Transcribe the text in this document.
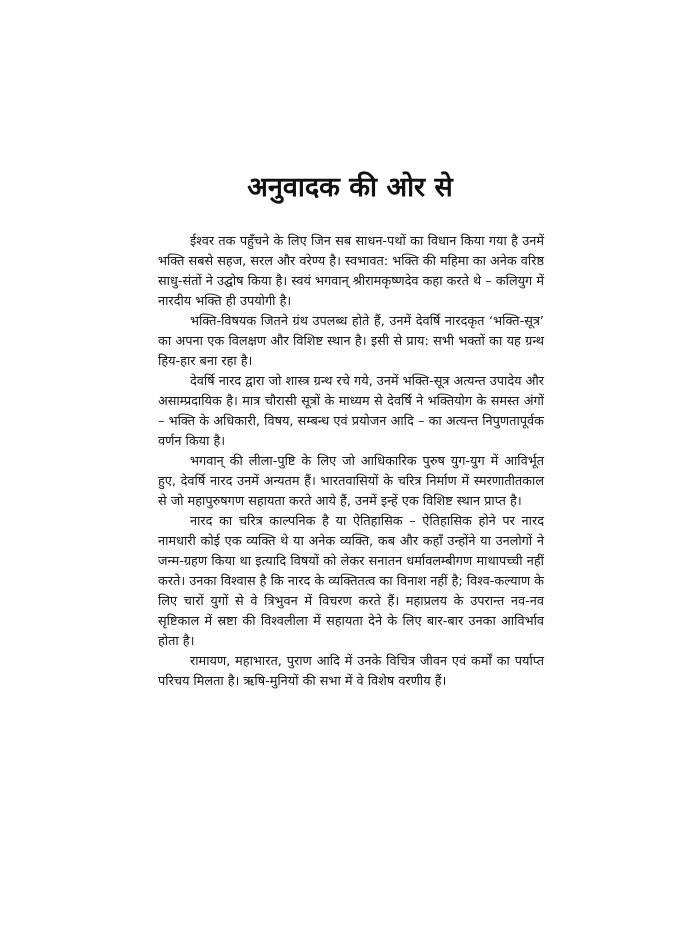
अनुवादक की ओर से

ईश्वर तक पहुँचने के लिए जिन सब साधन-पथों का विधान किया गया है उनमें भक्ति सबसे सहज, सरल और वरेण्य है। स्वभावत: भक्ति की महिमा का अनेक वरिष्ठ साधु-संतों ने उद्घोष किया है। स्वयं भगवान् श्रीरामकृष्णदेव कहा करते थे – कलियुग में नारदीय भक्ति ही उपयोगी है।

भक्ति-विषयक जितने ग्रंथ उपलब्ध होते हैं, उनमें देवर्षि नारदकृत ‘भक्ति-सूत्र’ का अपना एक विलक्षण और विशिष्ट स्थान है। इसी से प्राय: सभी भक्तों का यह ग्रन्थ हिय-हार बना रहा है।

देवर्षि नारद द्वारा जो शास्त्र ग्रन्थ रचे गये, उनमें भक्ति-सूत्र अत्यन्त उपादेय और असाम्प्रदायिक है। मात्र चौरासी सूत्रों के माध्यम से देवर्षि ने भक्तियोग के समस्त अंगों – भक्ति के अधिकारी, विषय, सम्बन्ध एवं प्रयोजन आदि – का अत्यन्त निपुणतापूर्वक वर्णन किया है।

भगवान् की लीला-पुष्टि के लिए जो आधिकारिक पुरुष युग-युग में आविर्भूत हुए, देवर्षि नारद उनमें अन्यतम हैं। भारतवासियों के चरित्र निर्माण में स्मरणातीतकाल से जो महापुरुषगण सहायता करते आये हैं, उनमें इन्हें एक विशिष्ट स्थान प्राप्त है।

नारद का चरित्र काल्पनिक है या ऐतिहासिक – ऐतिहासिक होने पर नारद नामधारी कोई एक व्यक्ति थे या अनेक व्यक्ति, कब और कहाँ उन्होंने या उनलोगों ने जन्म-ग्रहण किया था इत्यादि विषयों को लेकर सनातन धर्मावलम्बीगण माथापच्ची नहीं करते। उनका विश्वास है कि नारद के व्यक्तितत्व का विनाश नहीं है; विश्व-कल्याण के लिए चारों युगों से वे त्रिभुवन में विचरण करते हैं। महाप्रलय के उपरान्त नव-नव सृष्टिकाल में स्रष्टा की विश्वलीला में सहायता देने के लिए बार-बार उनका आविर्भाव होता है।

रामायण, महाभारत, पुराण आदि में उनके विचित्र जीवन एवं कर्मों का पर्याप्त परिचय मिलता है। ऋषि-मुनियों की सभा में वे विशेष वरणीय हैं।
